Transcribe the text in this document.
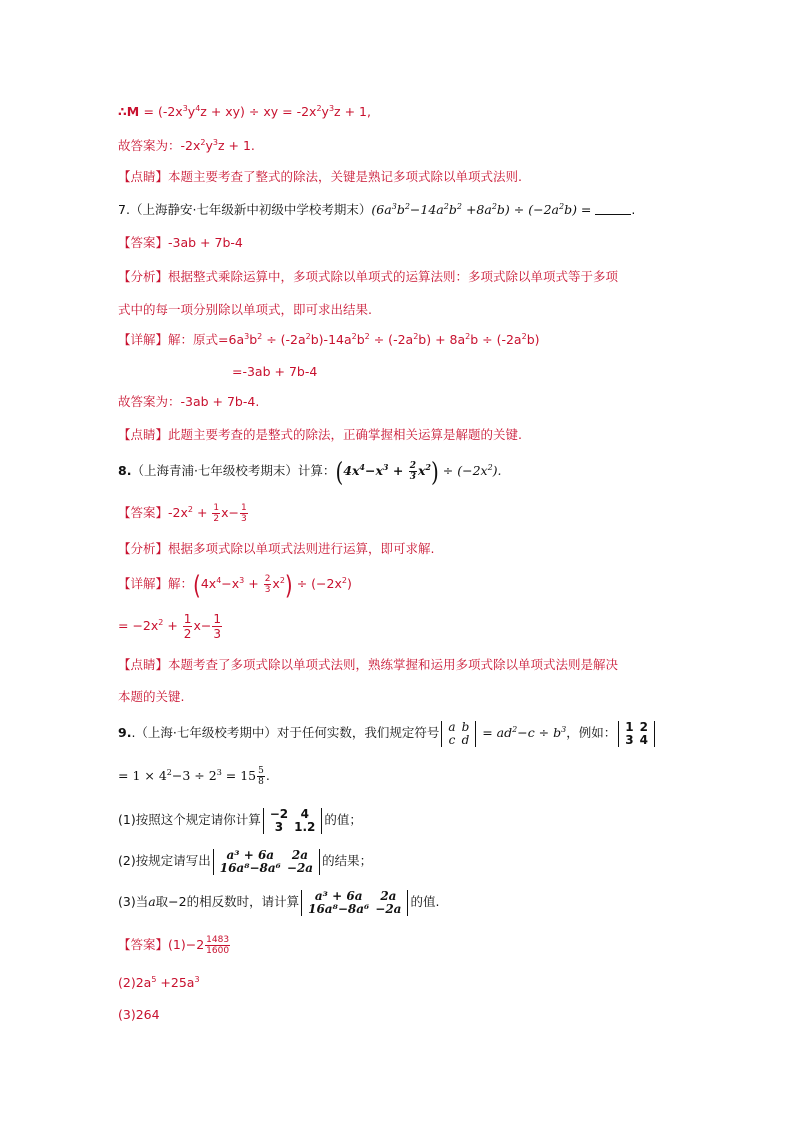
∴M = $(-2x^3y^4z + xy)$ ÷ xy = $-2x^2y^3z + 1$,
故答案为：$-2x^2y^3z + 1$.
【点睛】本题主要考查了整式的除法，关键是熟记多项式除以单项式法则.
7.（上海静安·七年级新中初级中学校考期末）$(6a^3b^2-14a^2b^2 +8a^2b) \div (-2a^2b)$ =	.
【答案】-3ab + 7b-4
【分析】根据整式乘除运算中，多项式除以单项式的运算法则：多项式除以单项式等于多项
式中的每一项分别除以单项式，即可求出结果.
【详解】解：原式$=6a^3b^2 \div (-2a^2b)-14a^2b^2 \div (-2a^2b) + 8a^2b \div (-2a^2b)$
=-3ab + 7b-4
故答案为：-3ab + 7b-4.
【点睛】此题主要考查的是整式的除法，正确掌握相关运算是解题的关键.
8.（上海青浦·七年级校考期末）计算：$(4x^4-x^3 + \frac{2}{3} x^2) \div (-2x^2)$.
【答案】$-2x^2 + \frac{1}{2} x- \frac{1}{3}$
【分析】根据多项式除以单项式法则进行运算，即可求解.
【详解】解：$(4x^4-x^3 + \frac{2}{3} x^2) \div (-2x^2)$
= $-2x^2 + \frac{1}{2} x- \frac{1}{3}$
【点睛】本题考查了多项式除以单项式法则，熟练掌握和运用多项式除以单项式法则是解决
本题的关键.
9..（上海·七年级校考期中）对于任何实数，我们规定符号 a	b
c	$d = ad^2-c \div b^3$，例如： 1	2
3	4
= $1 \times 4^2-3 \div 2^3 = 15 \frac{5}{8}$ .
(1)按照这个规定请你计算 −2	4
3	1.2 的值；
(2)按规定请写出 a³ + 6a	2a
16a⁸−8a⁶	−2a 的结果；
(3)当a取−2的相反数时，请计算 a³ + 6a	2a
16a⁸−8a⁶	−2a 的值.
【答案】$(1)-2 \frac{1483}{1600}$
$(2)2a^5 +25a^3$
(3)264
